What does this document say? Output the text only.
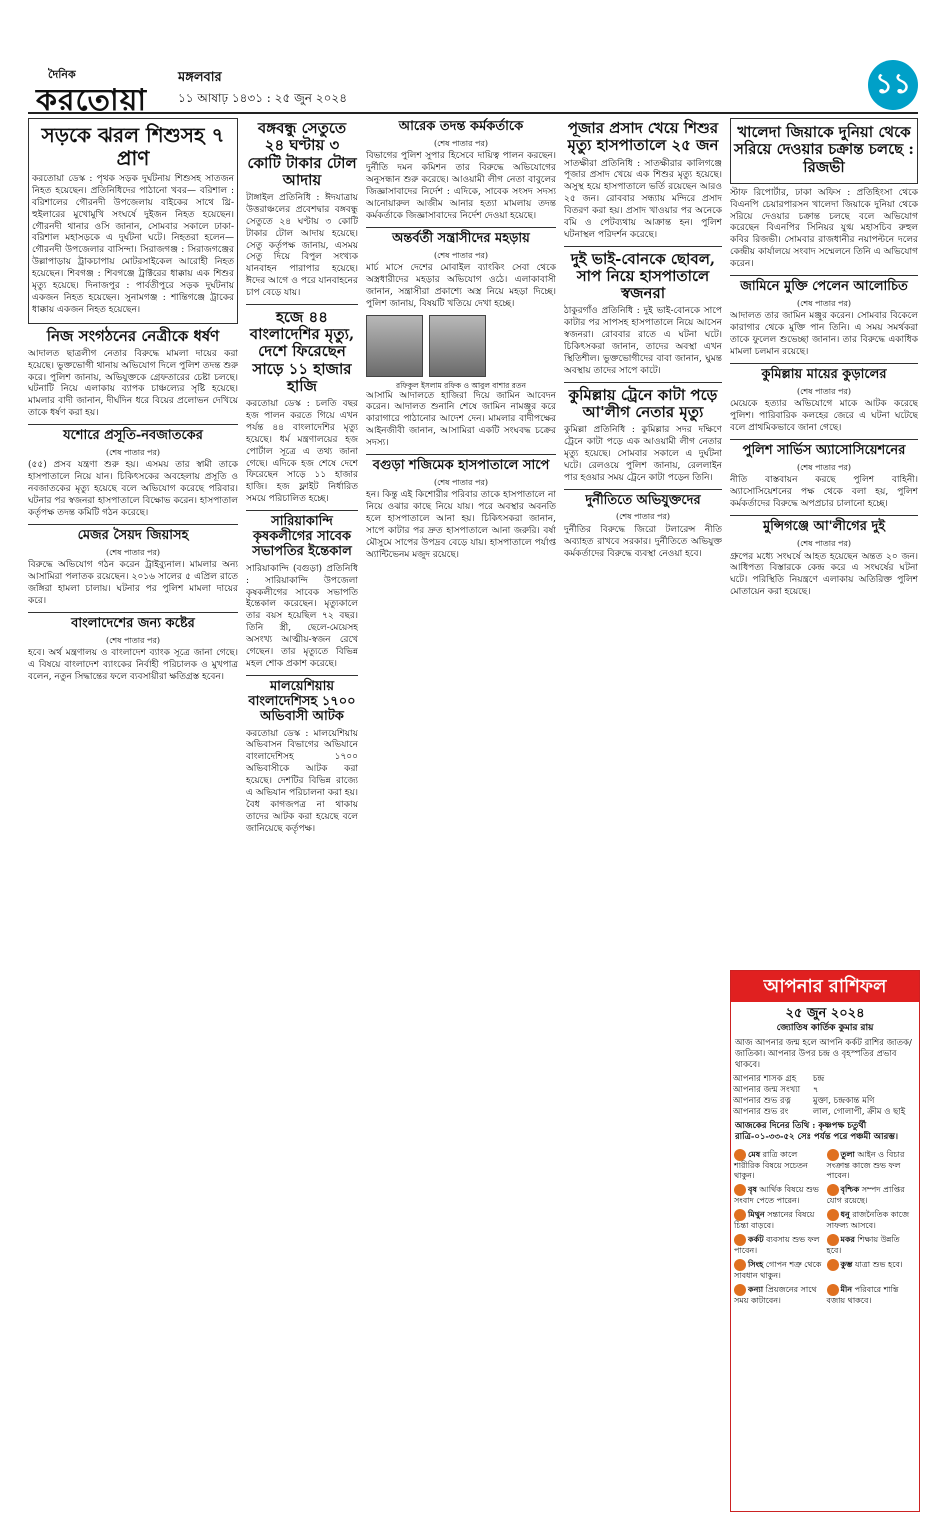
দৈনিক
করতোয়া
মঙ্গলবার
১১ আষাঢ় ১৪৩১ : ২৫ জুন ২০২৪	১১
সড়কে ঝরল শিশুসহ ৭ প্রাণ

করতোয়া ডেস্ক : পৃথক সড়ক দুর্ঘটনায় শিশুসহ সাতজন নিহত হয়েছেন। প্রতিনিধিদের পাঠানো খবর— বরিশাল : বরিশালের গৌরনদী উপজেলায় বাইকের সাথে থ্রি-হুইলারের মুখোমুখি সংঘর্ষে দুইজন নিহত হয়েছেন। গৌরনদী থানার ওসি জানান, সোমবার সকালে ঢাকা-বরিশাল মহাসড়কে এ দুর্ঘটনা ঘটে। নিহতরা হলেন— গৌরনদী উপজেলার বাসিন্দা। সিরাজগঞ্জ : সিরাজগঞ্জের উল্লাপাড়ায় ট্রাকচাপায় মোটরসাইকেল আরোহী নিহত হয়েছেন। শিবগঞ্জ : শিবগঞ্জে ট্রাক্টরের ধাক্কায় এক শিশুর মৃত্যু হয়েছে। দিনাজপুর : পার্বতীপুরে সড়ক দুর্ঘটনায় একজন নিহত হয়েছেন। সুনামগঞ্জ : শান্তিগঞ্জে ট্রাকের ধাক্কায় একজন নিহত হয়েছেন।

নিজ সংগঠনের নেত্রীকে ধর্ষণ

আদালত ছাত্রলীগ নেতার বিরুদ্ধে মামলা দায়ের করা হয়েছে। ভুক্তভোগী থানায় অভিযোগ দিলে পুলিশ তদন্ত শুরু করে। পুলিশ জানায়, অভিযুক্তকে গ্রেফতারের চেষ্টা চলছে। ঘটনাটি নিয়ে এলাকায় ব্যাপক চাঞ্চল্যের সৃষ্টি হয়েছে। মামলার বাদী জানান, দীর্ঘদিন ধরে বিয়ের প্রলোভন দেখিয়ে তাকে ধর্ষণ করা হয়।

যশোরে প্রসূতি-নবজাতকের
(শেষ পাতার পর)

(৫৫) প্রসব যন্ত্রণা শুরু হয়। এসময় তার স্বামী তাকে হাসপাতালে নিয়ে যান। চিকিৎসকের অবহেলায় প্রসূতি ও নবজাতকের মৃত্যু হয়েছে বলে অভিযোগ করেছে পরিবার। ঘটনার পর স্বজনরা হাসপাতালে বিক্ষোভ করেন। হাসপাতাল কর্তৃপক্ষ তদন্ত কমিটি গঠন করেছে।

মেজর সৈয়দ জিয়াসহ
(শেষ পাতার পর)

বিরুদ্ধে অভিযোগ গঠন করেন ট্রাইব্যুনাল। মামলার অন্য আসামিরা পলাতক রয়েছেন। ২০১৬ সালের ৫ এপ্রিল রাতে জঙ্গিরা হামলা চালায়। ঘটনার পর পুলিশ মামলা দায়ের করে।

বাংলাদেশের জন্য কষ্টের
(শেষ পাতার পর)

হবে। অর্থ মন্ত্রণালয় ও বাংলাদেশ ব্যাংক সূত্রে জানা গেছে। এ বিষয়ে বাংলাদেশ ব্যাংকের নির্বাহী পরিচালক ও মুখপাত্র বলেন, নতুন সিদ্ধান্তের ফলে ব্যবসায়ীরা ক্ষতিগ্রস্ত হবেন।

বঙ্গবন্ধু সেতুতে ২৪ ঘণ্টায় ৩ কোটি টাকার টোল আদায়

টাঙ্গাইল প্রতিনিধি : ঈদযাত্রায় উত্তরাঞ্চলের প্রবেশদ্বার বঙ্গবন্ধু সেতুতে ২৪ ঘণ্টায় ৩ কোটি টাকার টোল আদায় হয়েছে। সেতু কর্তৃপক্ষ জানায়, এসময় সেতু দিয়ে বিপুল সংখ্যক যানবাহন পারাপার হয়েছে। ঈদের আগে ও পরে যানবাহনের চাপ বেড়ে যায়।

হজে ৪৪ বাংলাদেশির মৃত্যু, দেশে ফিরেছেন সাড়ে ১১ হাজার হাজি

করতোয়া ডেস্ক : চলতি বছর হজ পালন করতে গিয়ে এখন পর্যন্ত ৪৪ বাংলাদেশির মৃত্যু হয়েছে। ধর্ম মন্ত্রণালয়ের হজ পোর্টাল সূত্রে এ তথ্য জানা গেছে। এদিকে হজ শেষে দেশে ফিরেছেন সাড়ে ১১ হাজার হাজি। হজ ফ্লাইট নির্ধারিত সময়ে পরিচালিত হচ্ছে।

সারিয়াকান্দি কৃষকলীগের সাবেক সভাপতির ইন্তেকাল

সারিয়াকান্দি (বগুড়া) প্রতিনিধি : সারিয়াকান্দি উপজেলা কৃষকলীগের সাবেক সভাপতি ইন্তেকাল করেছেন। মৃত্যুকালে তার বয়স হয়েছিল ৭২ বছর। তিনি স্ত্রী, ছেলে-মেয়েসহ অসংখ্য আত্মীয়-স্বজন রেখে গেছেন। তার মৃত্যুতে বিভিন্ন মহল শোক প্রকাশ করেছে।

মালয়েশিয়ায় বাংলাদেশিসহ ১৭০০ অভিবাসী আটক

করতোয়া ডেস্ক : মালয়েশিয়ায় অভিবাসন বিভাগের অভিযানে বাংলাদেশিসহ ১৭০০ অভিবাসীকে আটক করা হয়েছে। দেশটির বিভিন্ন রাজ্যে এ অভিযান পরিচালনা করা হয়। বৈধ কাগজপত্র না থাকায় তাদের আটক করা হয়েছে বলে জানিয়েছে কর্তৃপক্ষ।

আরেক তদন্ত কর্মকর্তাকে
(শেষ পাতার পর)

বিভাগের পুলিশ সুপার হিসেবে দায়িত্ব পালন করছেন। দুর্নীতি দমন কমিশন তার বিরুদ্ধে অভিযোগের অনুসন্ধান শুরু করেছে। আওয়ামী লীগ নেতা বাবুলের জিজ্ঞাসাবাদের নির্দেশ : এদিকে, সাবেক সংসদ সদস্য আনোয়ারুল আজীম আনার হত্যা মামলায় তদন্ত কর্মকর্তাকে জিজ্ঞাসাবাদের নির্দেশ দেওয়া হয়েছে।

অন্তর্বর্তী সন্ত্রাসীদের মহড়ায়
(শেষ পাতার পর)

মার্চ মাসে দেশের মোবাইল ব্যাংকিং সেবা থেকে অস্ত্রধারীদের মহড়ার অভিযোগ ওঠে। এলাকাবাসী জানান, সন্ত্রাসীরা প্রকাশ্যে অস্ত্র নিয়ে মহড়া দিচ্ছে। পুলিশ জানায়, বিষয়টি খতিয়ে দেখা হচ্ছে।

রফিকুল ইসলাম রফিক ও আবুল বাশার রতন

আসামি আদালতে হাজিরা দিয়ে জামিন আবেদন করেন। আদালত শুনানি শেষে জামিন নামঞ্জুর করে কারাগারে পাঠানোর আদেশ দেন। মামলার বাদীপক্ষের আইনজীবী জানান, আসামিরা একটি সংঘবদ্ধ চক্রের সদস্য।

বগুড়া শজিমেক হাসপাতালে সাপে
(শেষ পাতার পর)

হন। কিন্তু এই কিশোরীর পরিবার তাকে হাসপাতালে না নিয়ে ওঝার কাছে নিয়ে যায়। পরে অবস্থার অবনতি হলে হাসপাতালে আনা হয়। চিকিৎসকরা জানান, সাপে কাটার পর দ্রুত হাসপাতালে আনা জরুরি। বর্ষা মৌসুমে সাপের উপদ্রব বেড়ে যায়। হাসপাতালে পর্যাপ্ত অ্যান্টিভেনম মজুদ রয়েছে।

পূজার প্রসাদ খেয়ে শিশুর মৃত্যু হাসপাতালে ২৫ জন

সাতক্ষীরা প্রতিনিধি : সাতক্ষীরার কালিগঞ্জে পূজার প্রসাদ খেয়ে এক শিশুর মৃত্যু হয়েছে। অসুস্থ হয়ে হাসপাতালে ভর্তি রয়েছেন আরও ২৫ জন। রোববার সন্ধ্যায় মন্দিরে প্রসাদ বিতরণ করা হয়। প্রসাদ খাওয়ার পর অনেকে বমি ও পেটব্যথায় আক্রান্ত হন। পুলিশ ঘটনাস্থল পরিদর্শন করেছে।

দুই ভাই-বোনকে ছোবল, সাপ নিয়ে হাসপাতালে স্বজনরা

ঠাকুরগাঁও প্রতিনিধি : দুই ভাই-বোনকে সাপে কাটার পর সাপসহ হাসপাতালে নিয়ে আসেন স্বজনরা। রোববার রাতে এ ঘটনা ঘটে। চিকিৎসকরা জানান, তাদের অবস্থা এখন স্থিতিশীল। ভুক্তভোগীদের বাবা জানান, ঘুমন্ত অবস্থায় তাদের সাপে কাটে।

কুমিল্লায় ট্রেনে কাটা পড়ে আ'লীগ নেতার মৃত্যু

কুমিল্লা প্রতিনিধি : কুমিল্লার সদর দক্ষিণে ট্রেনে কাটা পড়ে এক আওয়ামী লীগ নেতার মৃত্যু হয়েছে। সোমবার সকালে এ দুর্ঘটনা ঘটে। রেলওয়ে পুলিশ জানায়, রেললাইন পার হওয়ার সময় ট্রেনে কাটা পড়েন তিনি।

দুর্নীতিতে অভিযুক্তদের
(শেষ পাতার পর)

দুর্নীতির বিরুদ্ধে জিরো টলারেন্স নীতি অব্যাহত রাখবে সরকার। দুর্নীতিতে অভিযুক্ত কর্মকর্তাদের বিরুদ্ধে ব্যবস্থা নেওয়া হবে।

খালেদা জিয়াকে দুনিয়া থেকে সরিয়ে দেওয়ার চক্রান্ত চলছে : রিজভী

স্টাফ রিপোর্টার, ঢাকা অফিস : প্রতিহিংসা থেকে বিএনপি চেয়ারপারসন খালেদা জিয়াকে দুনিয়া থেকে সরিয়ে দেওয়ার চক্রান্ত চলছে বলে অভিযোগ করেছেন বিএনপির সিনিয়র যুগ্ম মহাসচিব রুহুল কবির রিজভী। সোমবার রাজধানীর নয়াপল্টনে দলের কেন্দ্রীয় কার্যালয়ে সংবাদ সম্মেলনে তিনি এ অভিযোগ করেন।

জামিনে মুক্তি পেলেন আলোচিত
(শেষ পাতার পর)

আদালত তার জামিন মঞ্জুর করেন। সোমবার বিকেলে কারাগার থেকে মুক্তি পান তিনি। এ সময় সমর্থকরা তাকে ফুলেল শুভেচ্ছা জানান। তার বিরুদ্ধে একাধিক মামলা চলমান রয়েছে।

কুমিল্লায় মায়ের কুড়ালের
(শেষ পাতার পর)

মেয়েকে হত্যার অভিযোগে মাকে আটক করেছে পুলিশ। পারিবারিক কলহের জেরে এ ঘটনা ঘটেছে বলে প্রাথমিকভাবে জানা গেছে।

পুলিশ সার্ভিস অ্যাসোসিয়েশনের
(শেষ পাতার পর)

নীতি বাস্তবায়ন করছে পুলিশ বাহিনী। অ্যাসোসিয়েশনের পক্ষ থেকে বলা হয়, পুলিশ কর্মকর্তাদের বিরুদ্ধে অপপ্রচার চালানো হচ্ছে।

মুন্সিগঞ্জে আ'লীগের দুই
(শেষ পাতার পর)

গ্রুপের মধ্যে সংঘর্ষে আহত হয়েছেন অন্তত ২০ জন। আধিপত্য বিস্তারকে কেন্দ্র করে এ সংঘর্ষের ঘটনা ঘটে। পরিস্থিতি নিয়ন্ত্রণে এলাকায় অতিরিক্ত পুলিশ মোতায়েন করা হয়েছে।

আপনার রাশিফল
২৫ জুন ২০২৪
জ্যোতিষ কার্তিক কুমার রায়

আজ আপনার জন্ম হলে আপনি কর্কট রাশির জাতক/জাতিকা। আপনার উপর চন্দ্র ও বৃহস্পতির প্রভাব থাকবে।

আপনার শাসক গ্রহ	চন্দ্র
আপনার জন্ম সংখ্যা	৭
আপনার শুভ রত্ন	মুক্তা, চন্দ্রকান্ত মণি
আপনার শুভ রং	লাল, গোলাপী, ক্রীম ও ছাই

আজকের দিনের তিথি : কৃষ্ণপক্ষ চতুর্থী রাত্রি-০১-৩৩-৫২ সেঃ পর্যন্ত পরে পঞ্চমী আরম্ভ।

মেষ রাত্রি কালে শারীরিক বিষয়ে সচেতন থাকুন।
তুলা আইন ও বিচার সংক্রান্ত কাজে শুভ ফল পাবেন।
বৃষ আর্থিক বিষয়ে শুভ সংবাদ পেতে পারেন।
বৃশ্চিক সম্পদ প্রাপ্তির যোগ রয়েছে।
মিথুন সন্তানের বিষয়ে চিন্তা বাড়বে।
ধনু রাজনৈতিক কাজে সাফল্য আসবে।
কর্কট ব্যবসায় শুভ ফল পাবেন।
মকর শিক্ষায় উন্নতি হবে।
সিংহ গোপন শত্রু থেকে সাবধান থাকুন।
কুম্ভ যাত্রা শুভ হবে।
কন্যা প্রিয়জনের সাথে সময় কাটাবেন।
মীন পরিবারে শান্তি বজায় থাকবে।
